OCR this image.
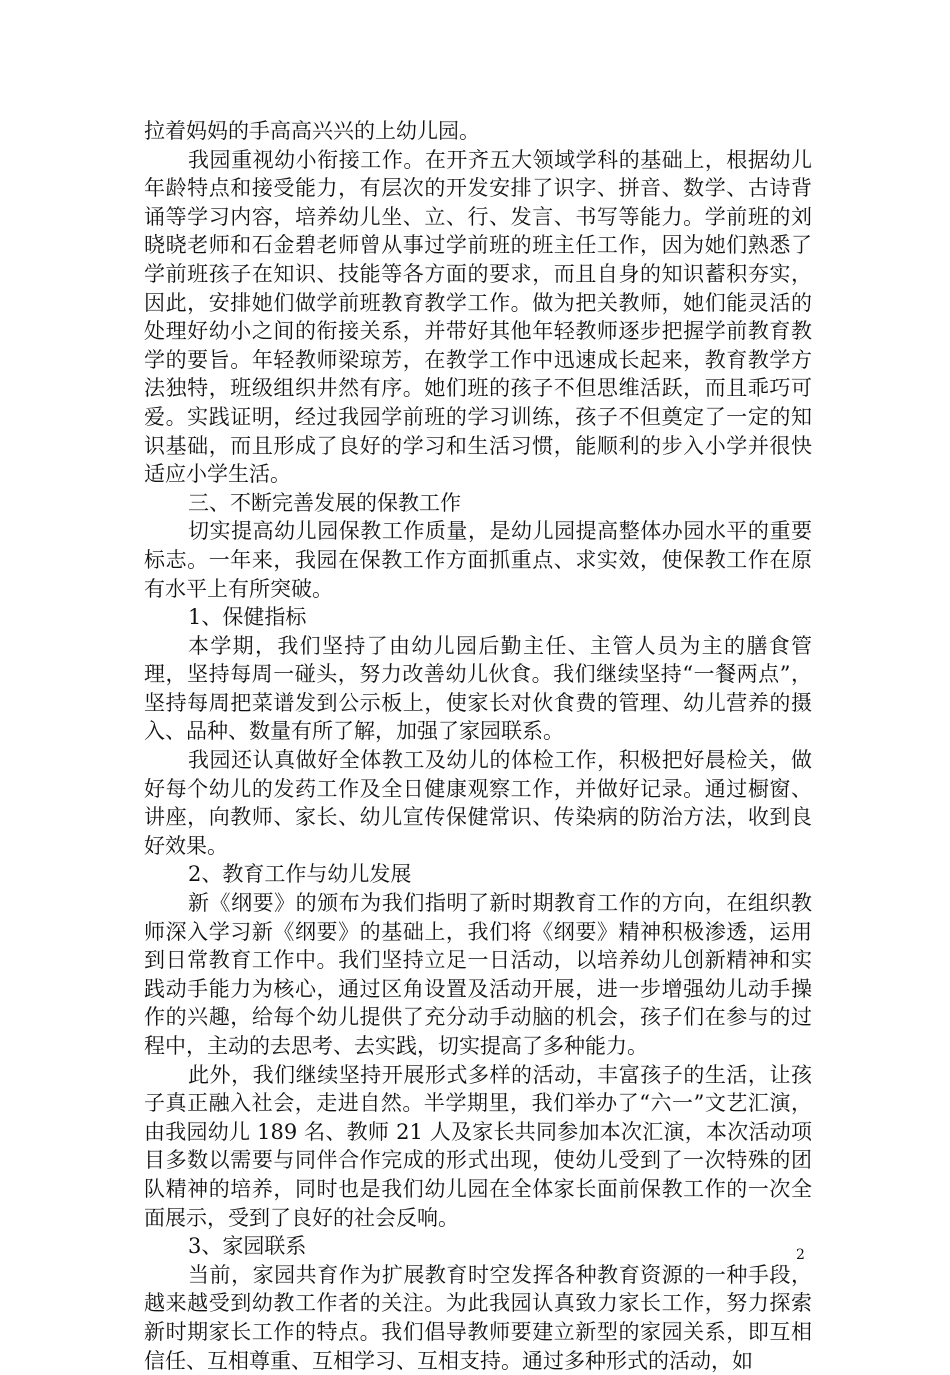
拉着妈妈的手高高兴兴的上幼儿园。

我园重视幼小衔接工作。在开齐五大领域学科的基础上，根据幼儿年龄特点和接受能力，有层次的开发安排了识字、拼音、数学、古诗背诵等学习内容，培养幼儿坐、立、行、发言、书写等能力。学前班的刘晓晓老师和石金碧老师曾从事过学前班的班主任工作，因为她们熟悉了学前班孩子在知识、技能等各方面的要求，而且自身的知识蓄积夯实，因此，安排她们做学前班教育教学工作。做为把关教师，她们能灵活的处理好幼小之间的衔接关系，并带好其他年轻教师逐步把握学前教育教学的要旨。年轻教师梁琼芳，在教学工作中迅速成长起来，教育教学方法独特，班级组织井然有序。她们班的孩子不但思维活跃，而且乖巧可爱。实践证明，经过我园学前班的学习训练，孩子不但奠定了一定的知识基础，而且形成了良好的学习和生活习惯，能顺利的步入小学并很快适应小学生活。

三、不断完善发展的保教工作

切实提高幼儿园保教工作质量，是幼儿园提高整体办园水平的重要标志。一年来，我园在保教工作方面抓重点、求实效，使保教工作在原有水平上有所突破。

1、保健指标

本学期，我们坚持了由幼儿园后勤主任、主管人员为主的膳食管理，坚持每周一碰头，努力改善幼儿伙食。我们继续坚持“一餐两点”，坚持每周把菜谱发到公示板上，使家长对伙食费的管理、幼儿营养的摄入、品种、数量有所了解，加强了家园联系。

我园还认真做好全体教工及幼儿的体检工作，积极把好晨检关，做好每个幼儿的发药工作及全日健康观察工作，并做好记录。通过橱窗、讲座，向教师、家长、幼儿宣传保健常识、传染病的防治方法，收到良好效果。

2、教育工作与幼儿发展

新《纲要》的颁布为我们指明了新时期教育工作的方向，在组织教师深入学习新《纲要》的基础上，我们将《纲要》精神积极渗透，运用到日常教育工作中。我们坚持立足一日活动，以培养幼儿创新精神和实践动手能力为核心，通过区角设置及活动开展，进一步增强幼儿动手操作的兴趣，给每个幼儿提供了充分动手动脑的机会，孩子们在参与的过程中，主动的去思考、去实践，切实提高了多种能力。

此外，我们继续坚持开展形式多样的活动，丰富孩子的生活，让孩子真正融入社会，走进自然。半学期里，我们举办了“六一”文艺汇演，由我园幼儿 189 名、教师 21 人及家长共同参加本次汇演，本次活动项目多数以需要与同伴合作完成的形式出现，使幼儿受到了一次特殊的团队精神的培养，同时也是我们幼儿园在全体家长面前保教工作的一次全面展示，受到了良好的社会反响。

3、家园联系

当前，家园共育作为扩展教育时空发挥各种教育资源的一种手段，越来越受到幼教工作者的关注。为此我园认真致力家长工作，努力探索新时期家长工作的特点。我们倡导教师要建立新型的家园关系，即互相信任、互相尊重、互相学习、互相支持。通过多种形式的活动，如

2
